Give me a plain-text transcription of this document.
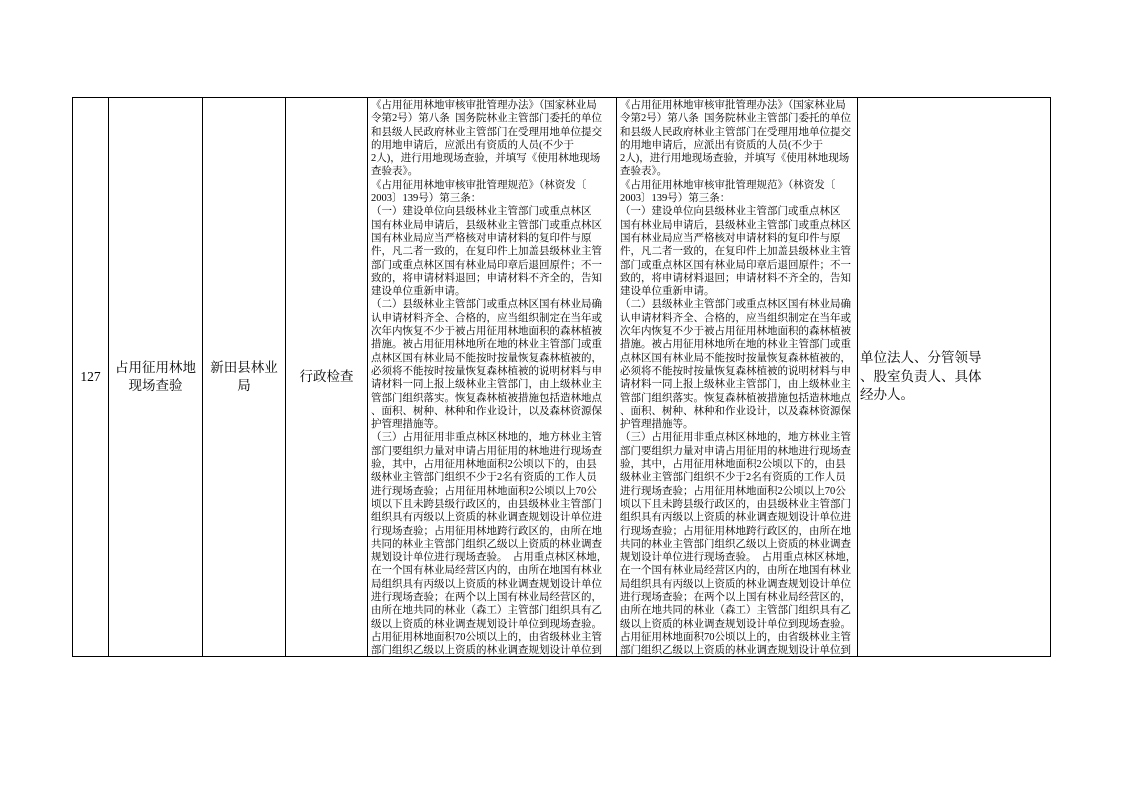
127
占用征用林地
现场查验
新田县林业
局
行政检查
《占用征用林地审核审批管理办法》（国家林业局
令第2号）第八条  国务院林业主管部门委托的单位
和县级人民政府林业主管部门在受理用地单位提交
的用地申请后，应派出有资质的人员(不少于
2人)，进行用地现场查验，并填写《使用林地现场
查验表》。
《占用征用林地审核审批管理规范》（林资发〔
2003〕139号）第三条：
（一）建设单位向县级林业主管部门或重点林区
国有林业局申请后，县级林业主管部门或重点林区
国有林业局应当严格核对申请材料的复印件与原
件，凡二者一致的，在复印件上加盖县级林业主管
部门或重点林区国有林业局印章后退回原件；不一
致的，将申请材料退回；申请材料不齐全的，告知
建设单位重新申请。
（二）县级林业主管部门或重点林区国有林业局确
认申请材料齐全、合格的，应当组织制定在当年或
次年内恢复不少于被占用征用林地面积的森林植被
措施。被占用征用林地所在地的林业主管部门或重
点林区国有林业局不能按时按量恢复森林植被的，
必须将不能按时按量恢复森林植被的说明材料与申
请材料一同上报上级林业主管部门，由上级林业主
管部门组织落实。恢复森林植被措施包括造林地点
、面积、树种、林种和作业设计，以及森林资源保
护管理措施等。
（三）占用征用非重点林区林地的，地方林业主管
部门要组织力量对申请占用征用的林地进行现场查
验，其中，占用征用林地面积2公顷以下的，由县
级林业主管部门组织不少于2名有资质的工作人员
进行现场查验；占用征用林地面积2公顷以上70公
顷以下且未跨县级行政区的，由县级林业主管部门
组织具有丙级以上资质的林业调查规划设计单位进
行现场查验；占用征用林地跨行政区的，由所在地
共同的林业主管部门组织乙级以上资质的林业调查
规划设计单位进行现场查验。  占用重点林区林地，
在一个国有林业局经营区内的，由所在地国有林业
局组织具有丙级以上资质的林业调查规划设计单位
进行现场查验；在两个以上国有林业局经营区的，
由所在地共同的林业（森工）主管部门组织具有乙
级以上资质的林业调查规划设计单位到现场查验。
占用征用林地面积70公顷以上的，由省级林业主管
部门组织乙级以上资质的林业调查规划设计单位到
《占用征用林地审核审批管理办法》（国家林业局
令第2号）第八条  国务院林业主管部门委托的单位
和县级人民政府林业主管部门在受理用地单位提交
的用地申请后，应派出有资质的人员(不少于
2人)，进行用地现场查验，并填写《使用林地现场
查验表》。
《占用征用林地审核审批管理规范》（林资发〔
2003〕139号）第三条：
（一）建设单位向县级林业主管部门或重点林区
国有林业局申请后，县级林业主管部门或重点林区
国有林业局应当严格核对申请材料的复印件与原
件，凡二者一致的，在复印件上加盖县级林业主管
部门或重点林区国有林业局印章后退回原件；不一
致的，将申请材料退回；申请材料不齐全的，告知
建设单位重新申请。
（二）县级林业主管部门或重点林区国有林业局确
认申请材料齐全、合格的，应当组织制定在当年或
次年内恢复不少于被占用征用林地面积的森林植被
措施。被占用征用林地所在地的林业主管部门或重
点林区国有林业局不能按时按量恢复森林植被的，
必须将不能按时按量恢复森林植被的说明材料与申
请材料一同上报上级林业主管部门，由上级林业主
管部门组织落实。恢复森林植被措施包括造林地点
、面积、树种、林种和作业设计，以及森林资源保
护管理措施等。
（三）占用征用非重点林区林地的，地方林业主管
部门要组织力量对申请占用征用的林地进行现场查
验，其中，占用征用林地面积2公顷以下的，由县
级林业主管部门组织不少于2名有资质的工作人员
进行现场查验；占用征用林地面积2公顷以上70公
顷以下且未跨县级行政区的，由县级林业主管部门
组织具有丙级以上资质的林业调查规划设计单位进
行现场查验；占用征用林地跨行政区的，由所在地
共同的林业主管部门组织乙级以上资质的林业调查
规划设计单位进行现场查验。  占用重点林区林地，
在一个国有林业局经营区内的，由所在地国有林业
局组织具有丙级以上资质的林业调查规划设计单位
进行现场查验；在两个以上国有林业局经营区的，
由所在地共同的林业（森工）主管部门组织具有乙
级以上资质的林业调查规划设计单位到现场查验。
占用征用林地面积70公顷以上的，由省级林业主管
部门组织乙级以上资质的林业调查规划设计单位到
单位法人、分管领导
、股室负责人、具体
经办人。
